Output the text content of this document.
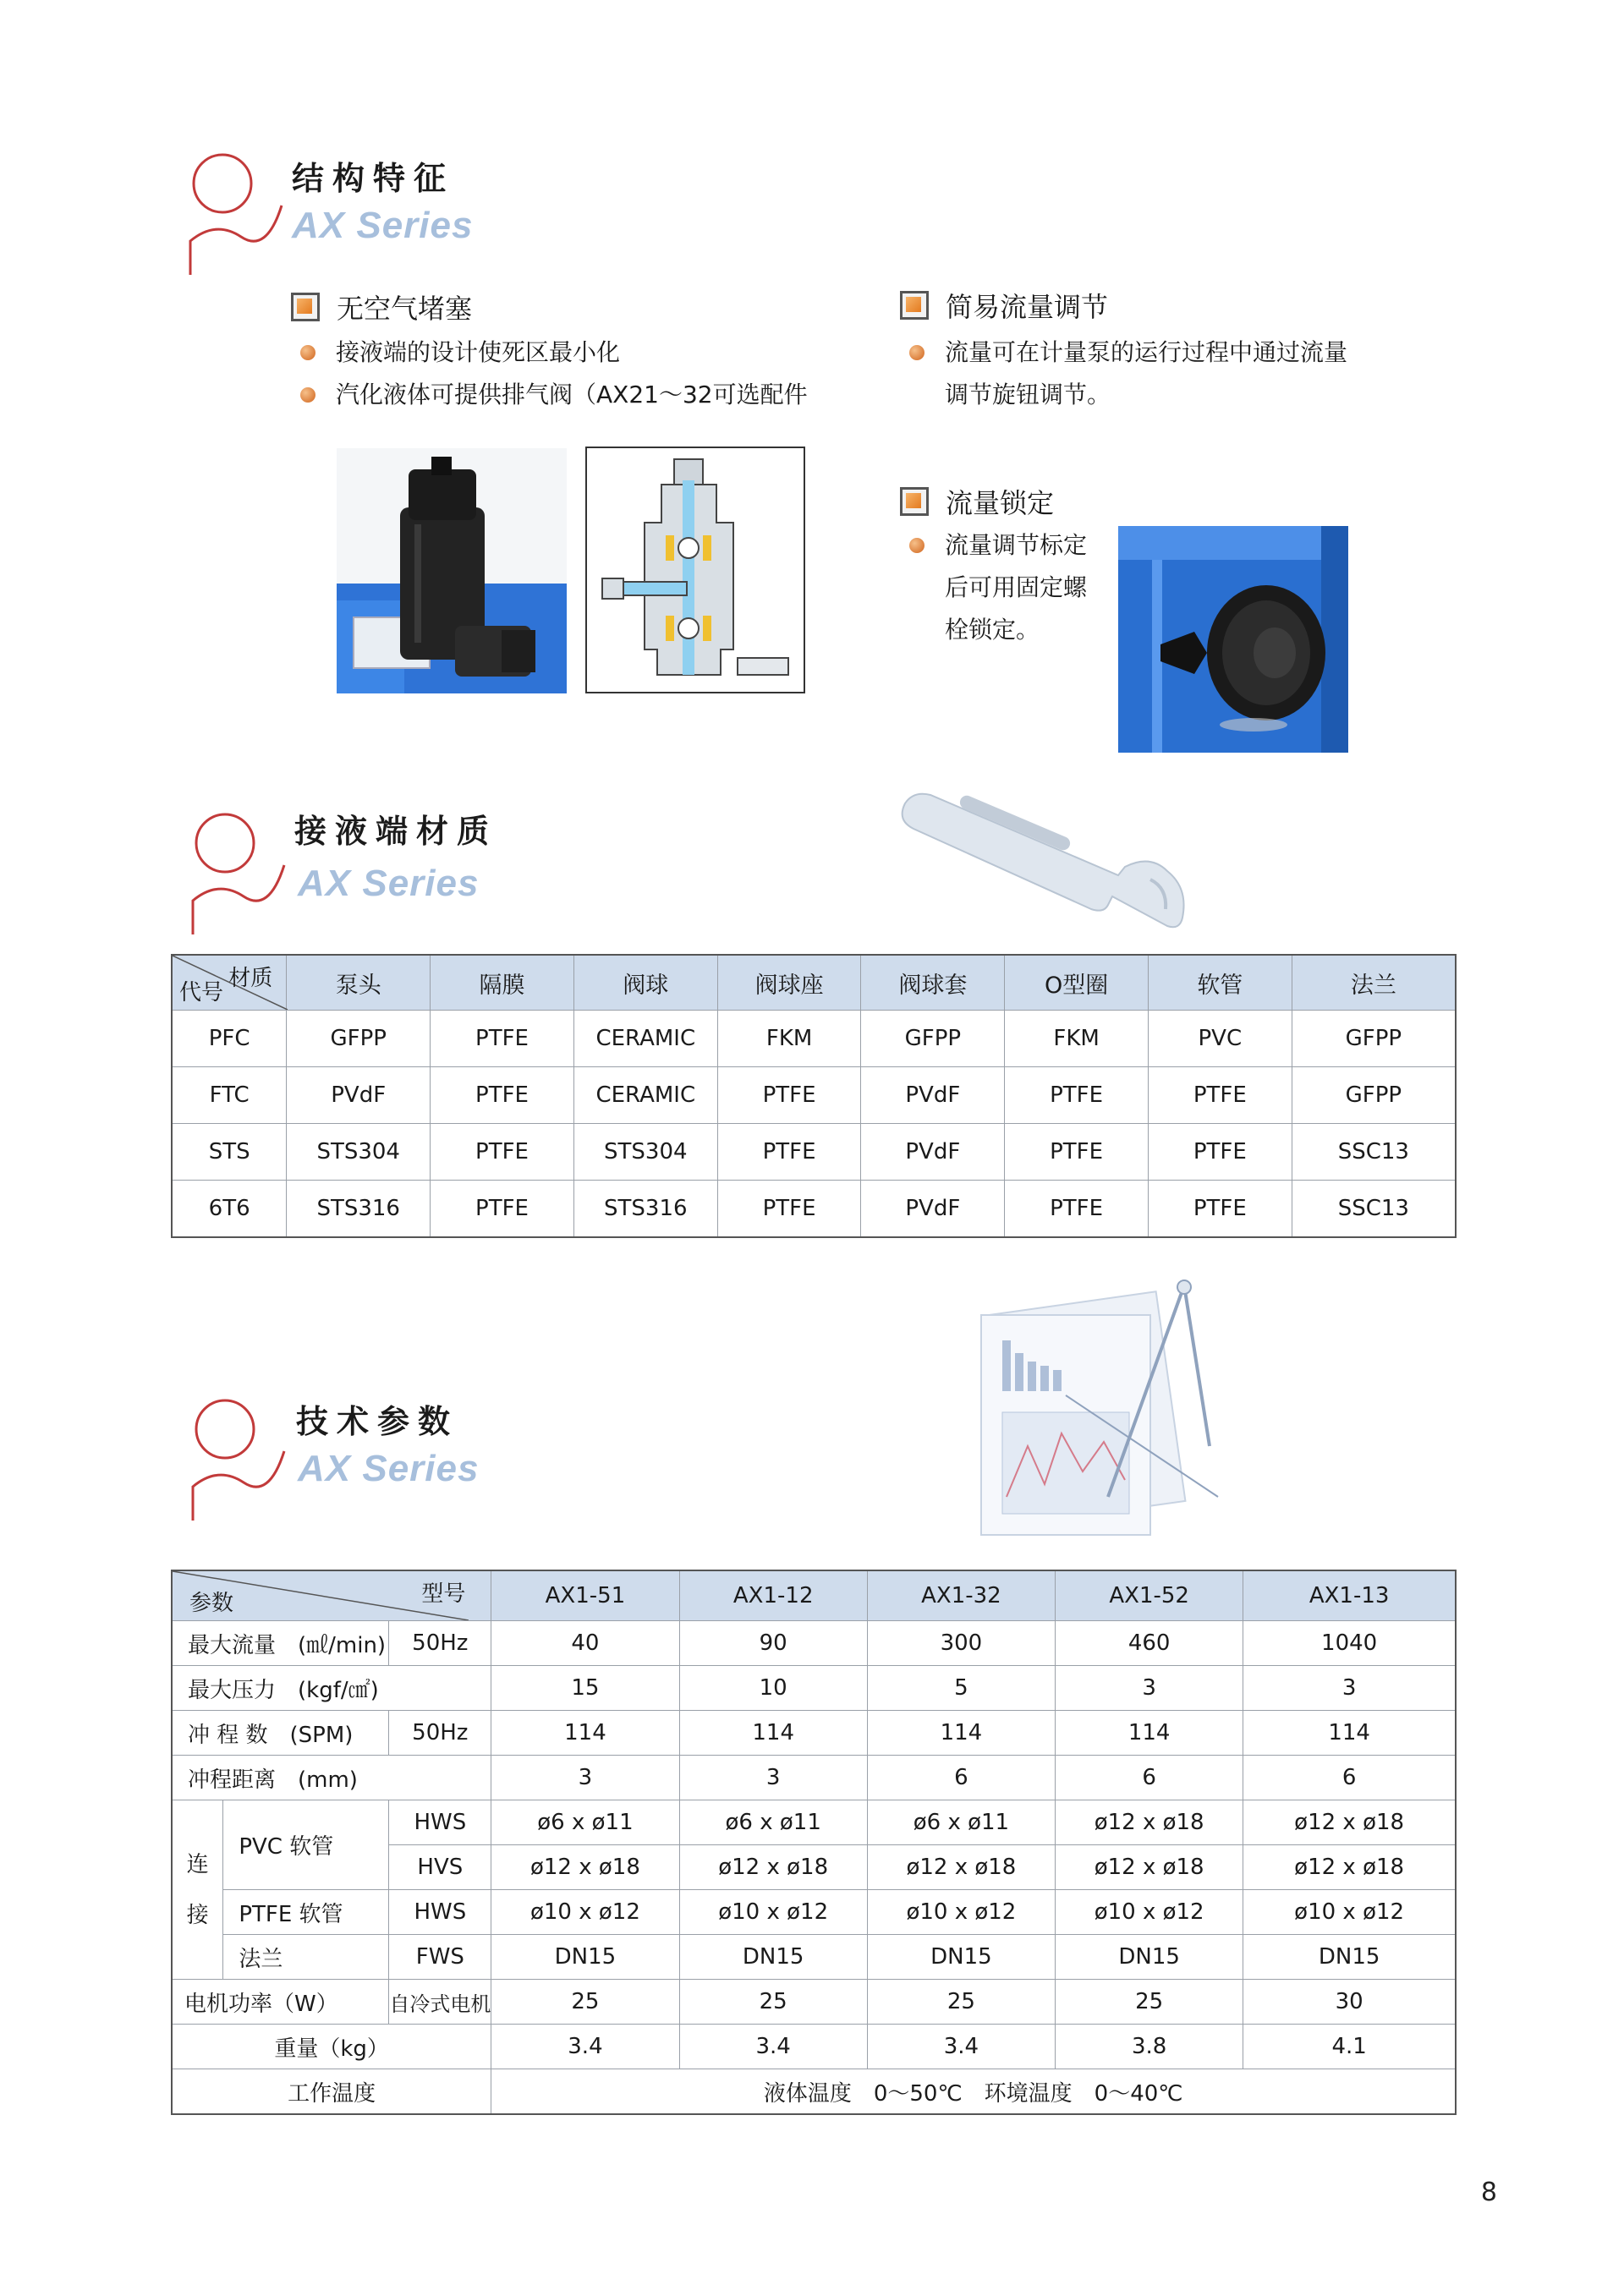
结构特征
AX Series
无空气堵塞
接液端的设计使死区最小化
汽化液体可提供排气阀（AX21～32可选配件
简易流量调节
流量可在计量泵的运行过程中通过流量
调节旋钮调节。
流量锁定
流量调节标定
后可用固定螺
栓锁定。
接液端材质
AX Series
材质
代号	泵头	隔膜	阀球	阀球座	阀球套	O型圈	软管	法兰
PFC	GFPP	PTFE	CERAMIC	FKM	GFPP	FKM	PVC	GFPP
FTC	PVdF	PTFE	CERAMIC	PTFE	PVdF	PTFE	PTFE	GFPP
STS	STS304	PTFE	STS304	PTFE	PVdF	PTFE	PTFE	SSC13
6T6	STS316	PTFE	STS316	PTFE	PVdF	PTFE	PTFE	SSC13
技术参数
AX Series
型号
参数			AX1-51	AX1-12	AX1-32	AX1-52	AX1-13
最大流量　(㎖/min)		50Hz	40	90	300	460	1040
最大压力　(kgf/㎠)			15	10	5	3	3
冲 程 数　(SPM)		50Hz	114	114	114	114	114
冲程距离　(mm)			3	3	6	6	6
连
接	PVC 软管	HWS	ø6 x ø11	ø6 x ø11	ø6 x ø11	ø12 x ø18	ø12 x ø18
		HVS	ø12 x ø18	ø12 x ø18	ø12 x ø18	ø12 x ø18	ø12 x ø18
	PTFE 软管	HWS	ø10 x ø12	ø10 x ø12	ø10 x ø12	ø10 x ø12	ø10 x ø12
	法兰	FWS	DN15	DN15	DN15	DN15	DN15
电机功率（W）		自冷式电机	25	25	25	25	30
重量（kg）			3.4	3.4	3.4	3.8	4.1
工作温度			液体温度　0～50℃　环境温度　0～40℃				
8
